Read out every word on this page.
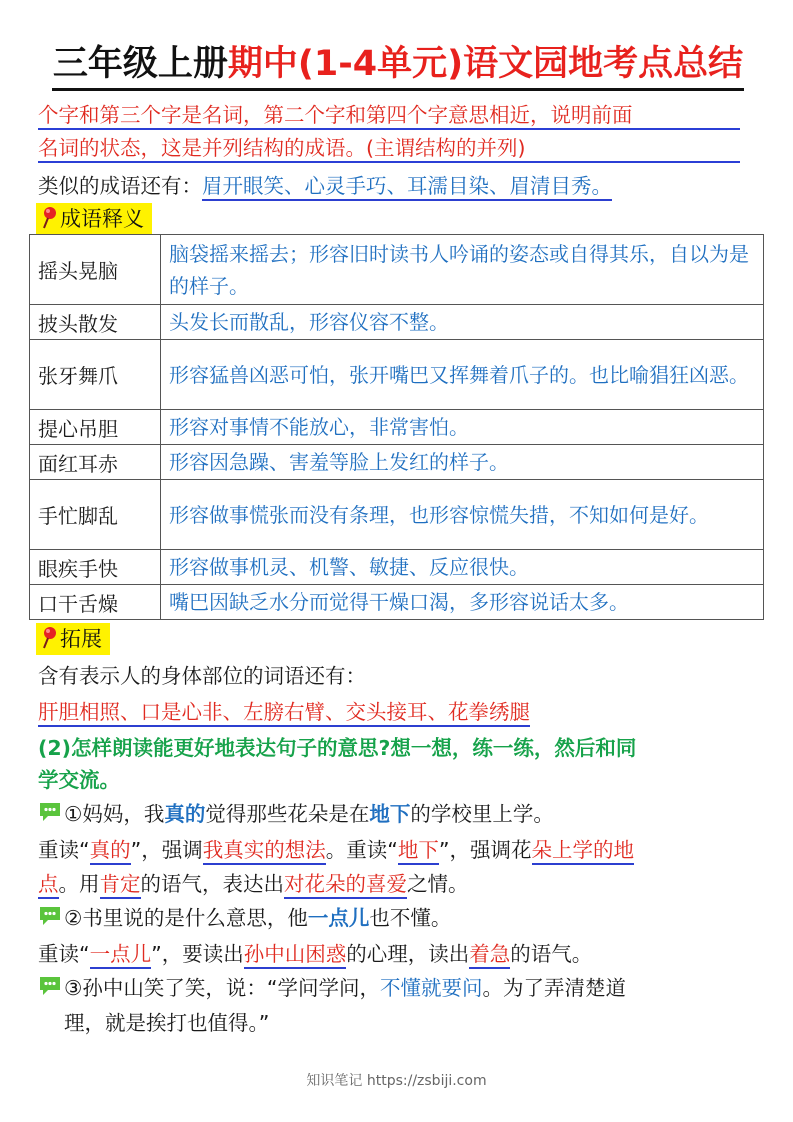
三年级上册期中(1-4单元)语文园地考点总结
个字和第三个字是名词，第二个字和第四个字意思相近，说明前面
名词的状态，这是并列结构的成语。(主谓结构的并列)
类似的成语还有：眉开眼笑、心灵手巧、耳濡目染、眉清目秀。
成语释义
摇头晃脑	脑袋摇来摇去；形容旧时读书人吟诵的姿态或自得其乐，自以为是的样子。
披头散发	头发长而散乱，形容仪容不整。
张牙舞爪	形容猛兽凶恶可怕，张开嘴巴又挥舞着爪子的。也比喻猖狂凶恶。
提心吊胆	形容对事情不能放心，非常害怕。
面红耳赤	形容因急躁、害羞等脸上发红的样子。
手忙脚乱	形容做事慌张而没有条理，也形容惊慌失措，不知如何是好。
眼疾手快	形容做事机灵、机警、敏捷、反应很快。
口干舌燥	嘴巴因缺乏水分而觉得干燥口渴，多形容说话太多。
拓展
含有表示人的身体部位的词语还有：
肝胆相照、口是心非、左膀右臂、交头接耳、花拳绣腿
(2)怎样朗读能更好地表达句子的意思?想一想，练一练，然后和同
学交流。
①妈妈，我真的觉得那些花朵是在地下的学校里上学。
重读“真的”，强调我真实的想法。重读“地下”，强调花朵上学的地
点。用肯定的语气，表达出对花朵的喜爱之情。
②书里说的是什么意思，他一点儿也不懂。
重读“一点儿”，要读出孙中山困惑的心理，读出着急的语气。
③孙中山笑了笑，说：“学问学问，不懂就要问。为了弄清楚道
理，就是挨打也值得。”
知识笔记 https://zsbiji.com
